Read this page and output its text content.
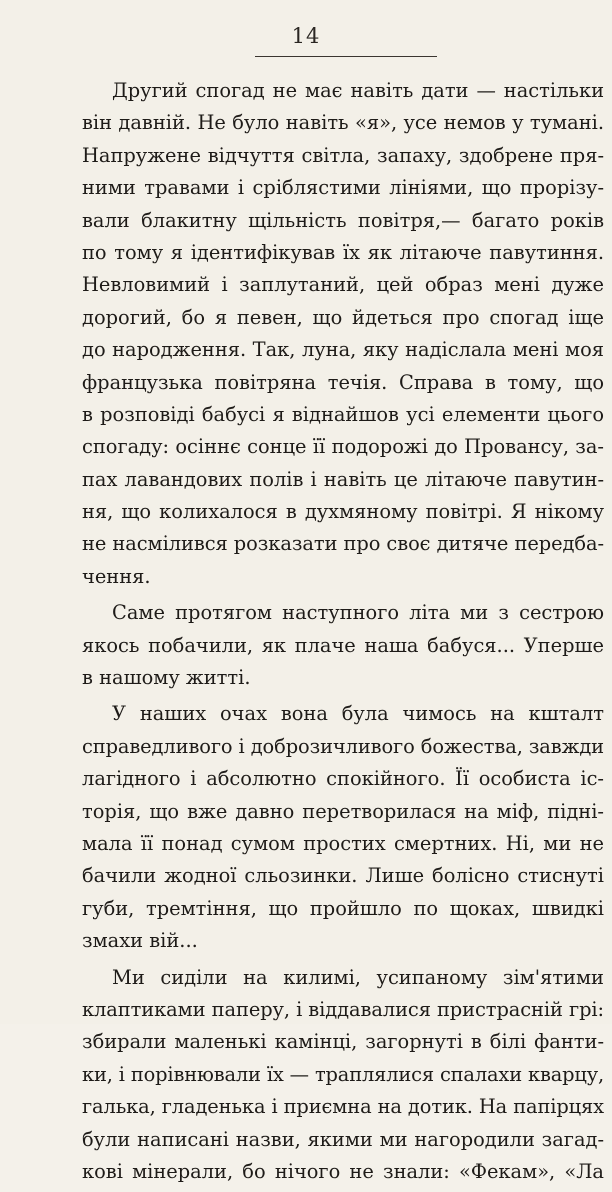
14
Другий спогад не має навіть дати — настільки
він давній. Не було навіть «я», усе немов у тумані.
Напружене відчуття світла, запаху, здобрене пря-
ними травами і сріблястими лініями, що прорізу-
вали блакитну щільність повітря,— багато років
по тому я ідентифікував їх як літаюче павутиння.
Невловимий і заплутаний, цей образ мені дуже
дорогий, бо я певен, що йдеться про спогад іще
до народження. Так, луна, яку надіслала мені моя
французька повітряна течія. Справа в тому, що
в розповіді бабусі я віднайшов усі елементи цього
спогаду: осіннє сонце її подорожі до Провансу, за-
пах лавандових полів і навіть це літаюче павутин-
ня, що колихалося в духмяному повітрі. Я нікому
не насмілився розказати про своє дитяче передба-
чення.
Саме протягом наступного літа ми з сестрою
якось побачили, як плаче наша бабуся... Уперше
в нашому житті.
У наших очах вона була чимось на кшталт
справедливого і доброзичливого божества, завжди
лагідного і абсолютно спокійного. Її особиста іс-
торія, що вже давно перетворилася на міф, підні-
мала її понад сумом простих смертних. Ні, ми не
бачили жодної сльозинки. Лише болісно стиснуті
губи, тремтіння, що пройшло по щоках, швидкі
змахи вій...
Ми сиділи на килимі, усипаному зім'ятими
клаптиками паперу, і віддавалися пристрасній грі:
збирали маленькі камінці, загорнуті в білі фанти-
ки, і порівнювали їх — траплялися спалахи кварцу,
галька, гладенька і приємна на дотик. На папірцях
були написані назви, якими ми нагородили загад-
кові мінерали, бо нічого не знали: «Фекам», «Ла
